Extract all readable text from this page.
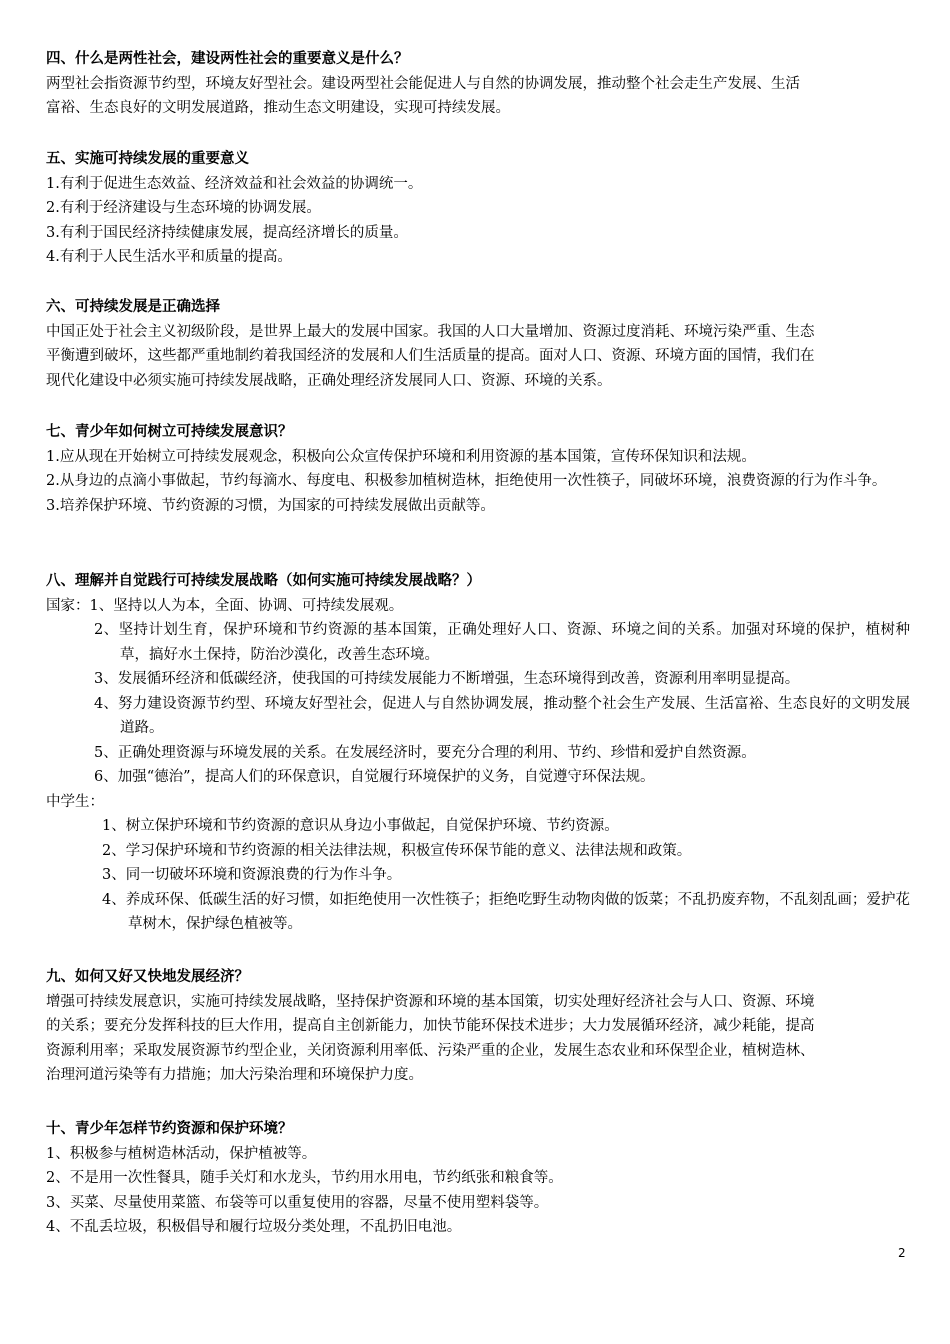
四、什么是两性社会，建设两性社会的重要意义是什么？
两型社会指资源节约型，环境友好型社会。建设两型社会能促进人与自然的协调发展，推动整个社会走生产发展、生活
富裕、生态良好的文明发展道路，推动生态文明建设，实现可持续发展。
五、实施可持续发展的重要意义
1.有利于促进生态效益、经济效益和社会效益的协调统一。
2.有利于经济建设与生态环境的协调发展。
3.有利于国民经济持续健康发展，提高经济增长的质量。
4.有利于人民生活水平和质量的提高。
六、可持续发展是正确选择
中国正处于社会主义初级阶段，是世界上最大的发展中国家。我国的人口大量增加、资源过度消耗、环境污染严重、生态
平衡遭到破坏，这些都严重地制约着我国经济的发展和人们生活质量的提高。面对人口、资源、环境方面的国情，我们在
现代化建设中必须实施可持续发展战略，正确处理经济发展同人口、资源、环境的关系。
七、青少年如何树立可持续发展意识？
1.应从现在开始树立可持续发展观念，积极向公众宣传保护环境和利用资源的基本国策，宣传环保知识和法规。
2.从身边的点滴小事做起，节约每滴水、每度电、积极参加植树造林，拒绝使用一次性筷子，同破坏环境，浪费资源的行为作斗争。
3.培养保护环境、节约资源的习惯，为国家的可持续发展做出贡献等。
八、理解并自觉践行可持续发展战略（如何实施可持续发展战略？）
国家：1、坚持以人为本，全面、协调、可持续发展观。
2、坚持计划生育，保护环境和节约资源的基本国策，正确处理好人口、资源、环境之间的关系。加强对环境的保护，植树种草，搞好水土保持，防治沙漠化，改善生态环境。
3、发展循环经济和低碳经济，使我国的可持续发展能力不断增强，生态环境得到改善，资源利用率明显提高。
4、努力建设资源节约型、环境友好型社会，促进人与自然协调发展，推动整个社会生产发展、生活富裕、生态良好的文明发展道路。
5、正确处理资源与环境发展的关系。在发展经济时，要充分合理的利用、节约、珍惜和爱护自然资源。
6、加强“德治”，提高人们的环保意识，自觉履行环境保护的义务，自觉遵守环保法规。
中学生：
1、树立保护环境和节约资源的意识从身边小事做起，自觉保护环境、节约资源。
2、学习保护环境和节约资源的相关法律法规，积极宣传环保节能的意义、法律法规和政策。
3、同一切破坏环境和资源浪费的行为作斗争。
4、养成环保、低碳生活的好习惯，如拒绝使用一次性筷子；拒绝吃野生动物肉做的饭菜；不乱扔废弃物，不乱刻乱画；爱护花草树木，保护绿色植被等。
九、如何又好又快地发展经济？
增强可持续发展意识，实施可持续发展战略，坚持保护资源和环境的基本国策，切实处理好经济社会与人口、资源、环境
的关系；要充分发挥科技的巨大作用，提高自主创新能力，加快节能环保技术进步；大力发展循环经济，减少耗能，提高
资源利用率；采取发展资源节约型企业，关闭资源利用率低、污染严重的企业，发展生态农业和环保型企业，植树造林、
治理河道污染等有力措施；加大污染治理和环境保护力度。
十、青少年怎样节约资源和保护环境？
1、积极参与植树造林活动，保护植被等。
2、不是用一次性餐具，随手关灯和水龙头，节约用水用电，节约纸张和粮食等。
3、买菜、尽量使用菜篮、布袋等可以重复使用的容器，尽量不使用塑料袋等。
4、不乱丢垃圾，积极倡导和履行垃圾分类处理，不乱扔旧电池。
2
